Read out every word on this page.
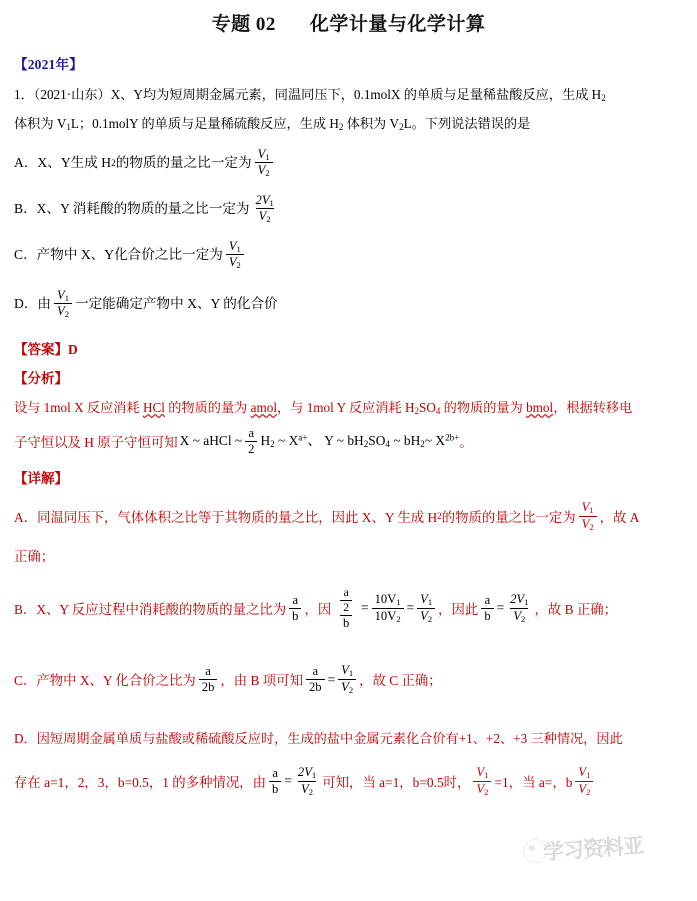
专题 02 化学计量与化学计算
【2021年】
1．（2021·山东）X、Y均为短周期金属元素，同温同压下，0.1molX 的单质与足量稀盐酸反应，生成 $H_2$
体积为 $V_1L$；0.1molY 的单质与足量稀硫酸反应，生成 $H_2$ 体积为 $V_2L$。下列说法错误的是
A． X、Y生成 H 2 的物质的量之比一定为 $\frac{V_1}{V_2}$
B． X、Y 消耗酸的物质的量之比一定为 $\frac{2V_1}{V_2}$
C． 产物中 X、Y化合价之比一定为 $\frac{V_1}{V_2}$
D． 由 $\frac{V_1}{V_2}$ 一定能确定产物中 X、Y 的化合价
【答案】D
【分析】
设与 1mol X 反应消耗 HCl 的物质的量为 amol，与 1mol Y 反应消耗 $H_2SO_4$ 的物质的量为 bmol，根据转移电
子守恒以及 H 原子守恒可知 X ~ aHCl ~ $\frac{a}{2} H_2$ ~ $X^{a+}$、 Y ~ $bH_2SO_4$ ~ $bH_2\sim$ $X^{2b+}$ 。
【详解】
A． 同温同压下，气体体积之比等于其物质的量之比，因此 X、Y 生成 H 2 的物质的量之比一定为 $\frac{V_1}{V_2}$ ，故 A
正确；
B． X、Y 反应过程中消耗酸的物质的量之比为 $\frac{a}{b}$ ，因 $\frac{\frac{a}{2}}{b} = \frac{10V_1}{10V_2} = \frac{V_1}{V_2}$ ，因此 $\frac{a}{b} = \frac{2V_1}{V_2}$ ，故 B 正确；
C． 产物中 X、Y 化合价之比为 $\frac{a}{2b}$ ，由 B 项可知 $\frac{a}{2b} = \frac{V_1}{V_2}$ ，故 C 正确；
D．因短周期金属单质与盐酸或稀硫酸反应时，生成的盐中金属元素化合价有+1、+2、+3 三种情况，因此
存在 a=1，2，3，b=0.5，1 的多种情况，由 $\frac{a}{b} = \frac{2V_1}{V_2}$ 可知，当 a=1，b=0.5时， $\frac{V_1}{V_2} =1$，当 a= ，b $\frac{V_1}{V_2}$
学习资料亚
